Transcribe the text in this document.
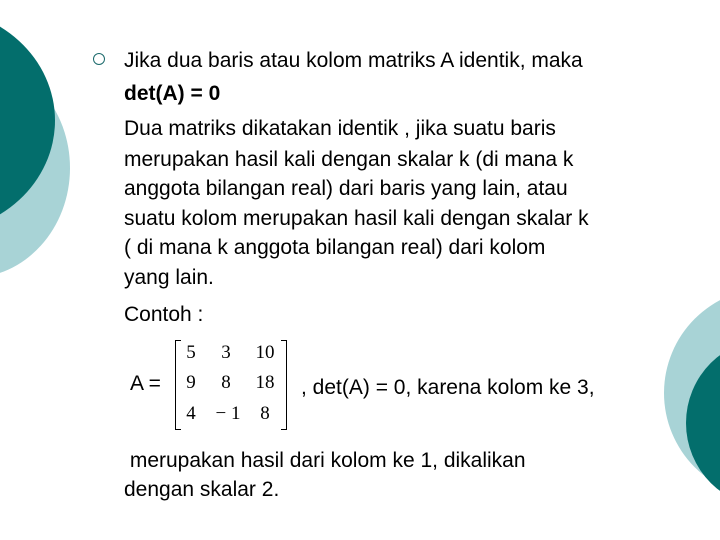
Jika dua baris atau kolom matriks A identik, maka
det(A) = 0
Dua matriks dikatakan identik , jika suatu baris
merupakan hasil kali dengan skalar k (di mana k
anggota bilangan real) dari baris yang lain, atau
suatu kolom merupakan hasil kali dengan skalar k
( di mana k anggota bilangan real) dari kolom
yang lain.
Contoh :
A =
5	3	10
9	8	18
4	− 1	8
, det(A) = 0, karena kolom ke 3,
merupakan hasil dari kolom ke 1, dikalikan
dengan skalar 2.
